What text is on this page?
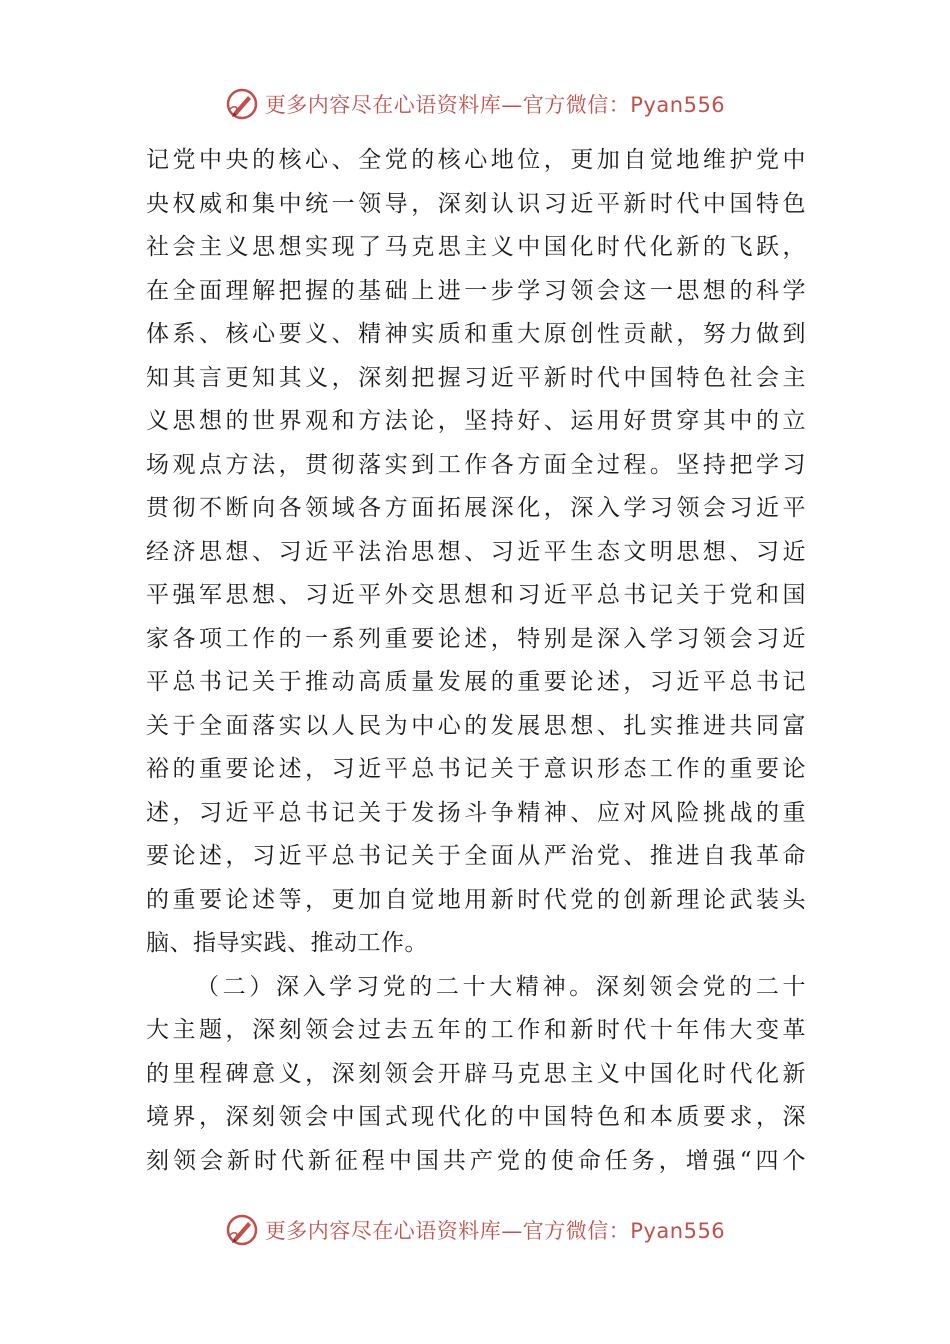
更多内容尽在心语资料库—官方微信：Pyan556
记党中央的核心、全党的核心地位，更加自觉地维护党中
央权威和集中统一领导，深刻认识习近平新时代中国特色
社会主义思想实现了马克思主义中国化时代化新的飞跃，
在全面理解把握的基础上进一步学习领会这一思想的科学
体系、核心要义、精神实质和重大原创性贡献，努力做到
知其言更知其义，深刻把握习近平新时代中国特色社会主
义思想的世界观和方法论，坚持好、运用好贯穿其中的立
场观点方法，贯彻落实到工作各方面全过程。坚持把学习
贯彻不断向各领域各方面拓展深化，深入学习领会习近平
经济思想、习近平法治思想、习近平生态文明思想、习近
平强军思想、习近平外交思想和习近平总书记关于党和国
家各项工作的一系列重要论述，特别是深入学习领会习近
平总书记关于推动高质量发展的重要论述，习近平总书记
关于全面落实以人民为中心的发展思想、扎实推进共同富
裕的重要论述，习近平总书记关于意识形态工作的重要论
述，习近平总书记关于发扬斗争精神、应对风险挑战的重
要论述，习近平总书记关于全面从严治党、推进自我革命
的重要论述等，更加自觉地用新时代党的创新理论武装头
脑、指导实践、推动工作。
（二）深入学习党的二十大精神。深刻领会党的二十
大主题，深刻领会过去五年的工作和新时代十年伟大变革
的里程碑意义，深刻领会开辟马克思主义中国化时代化新
境界，深刻领会中国式现代化的中国特色和本质要求，深
刻领会新时代新征程中国共产党的使命任务，增强“四个
更多内容尽在心语资料库—官方微信：Pyan556
